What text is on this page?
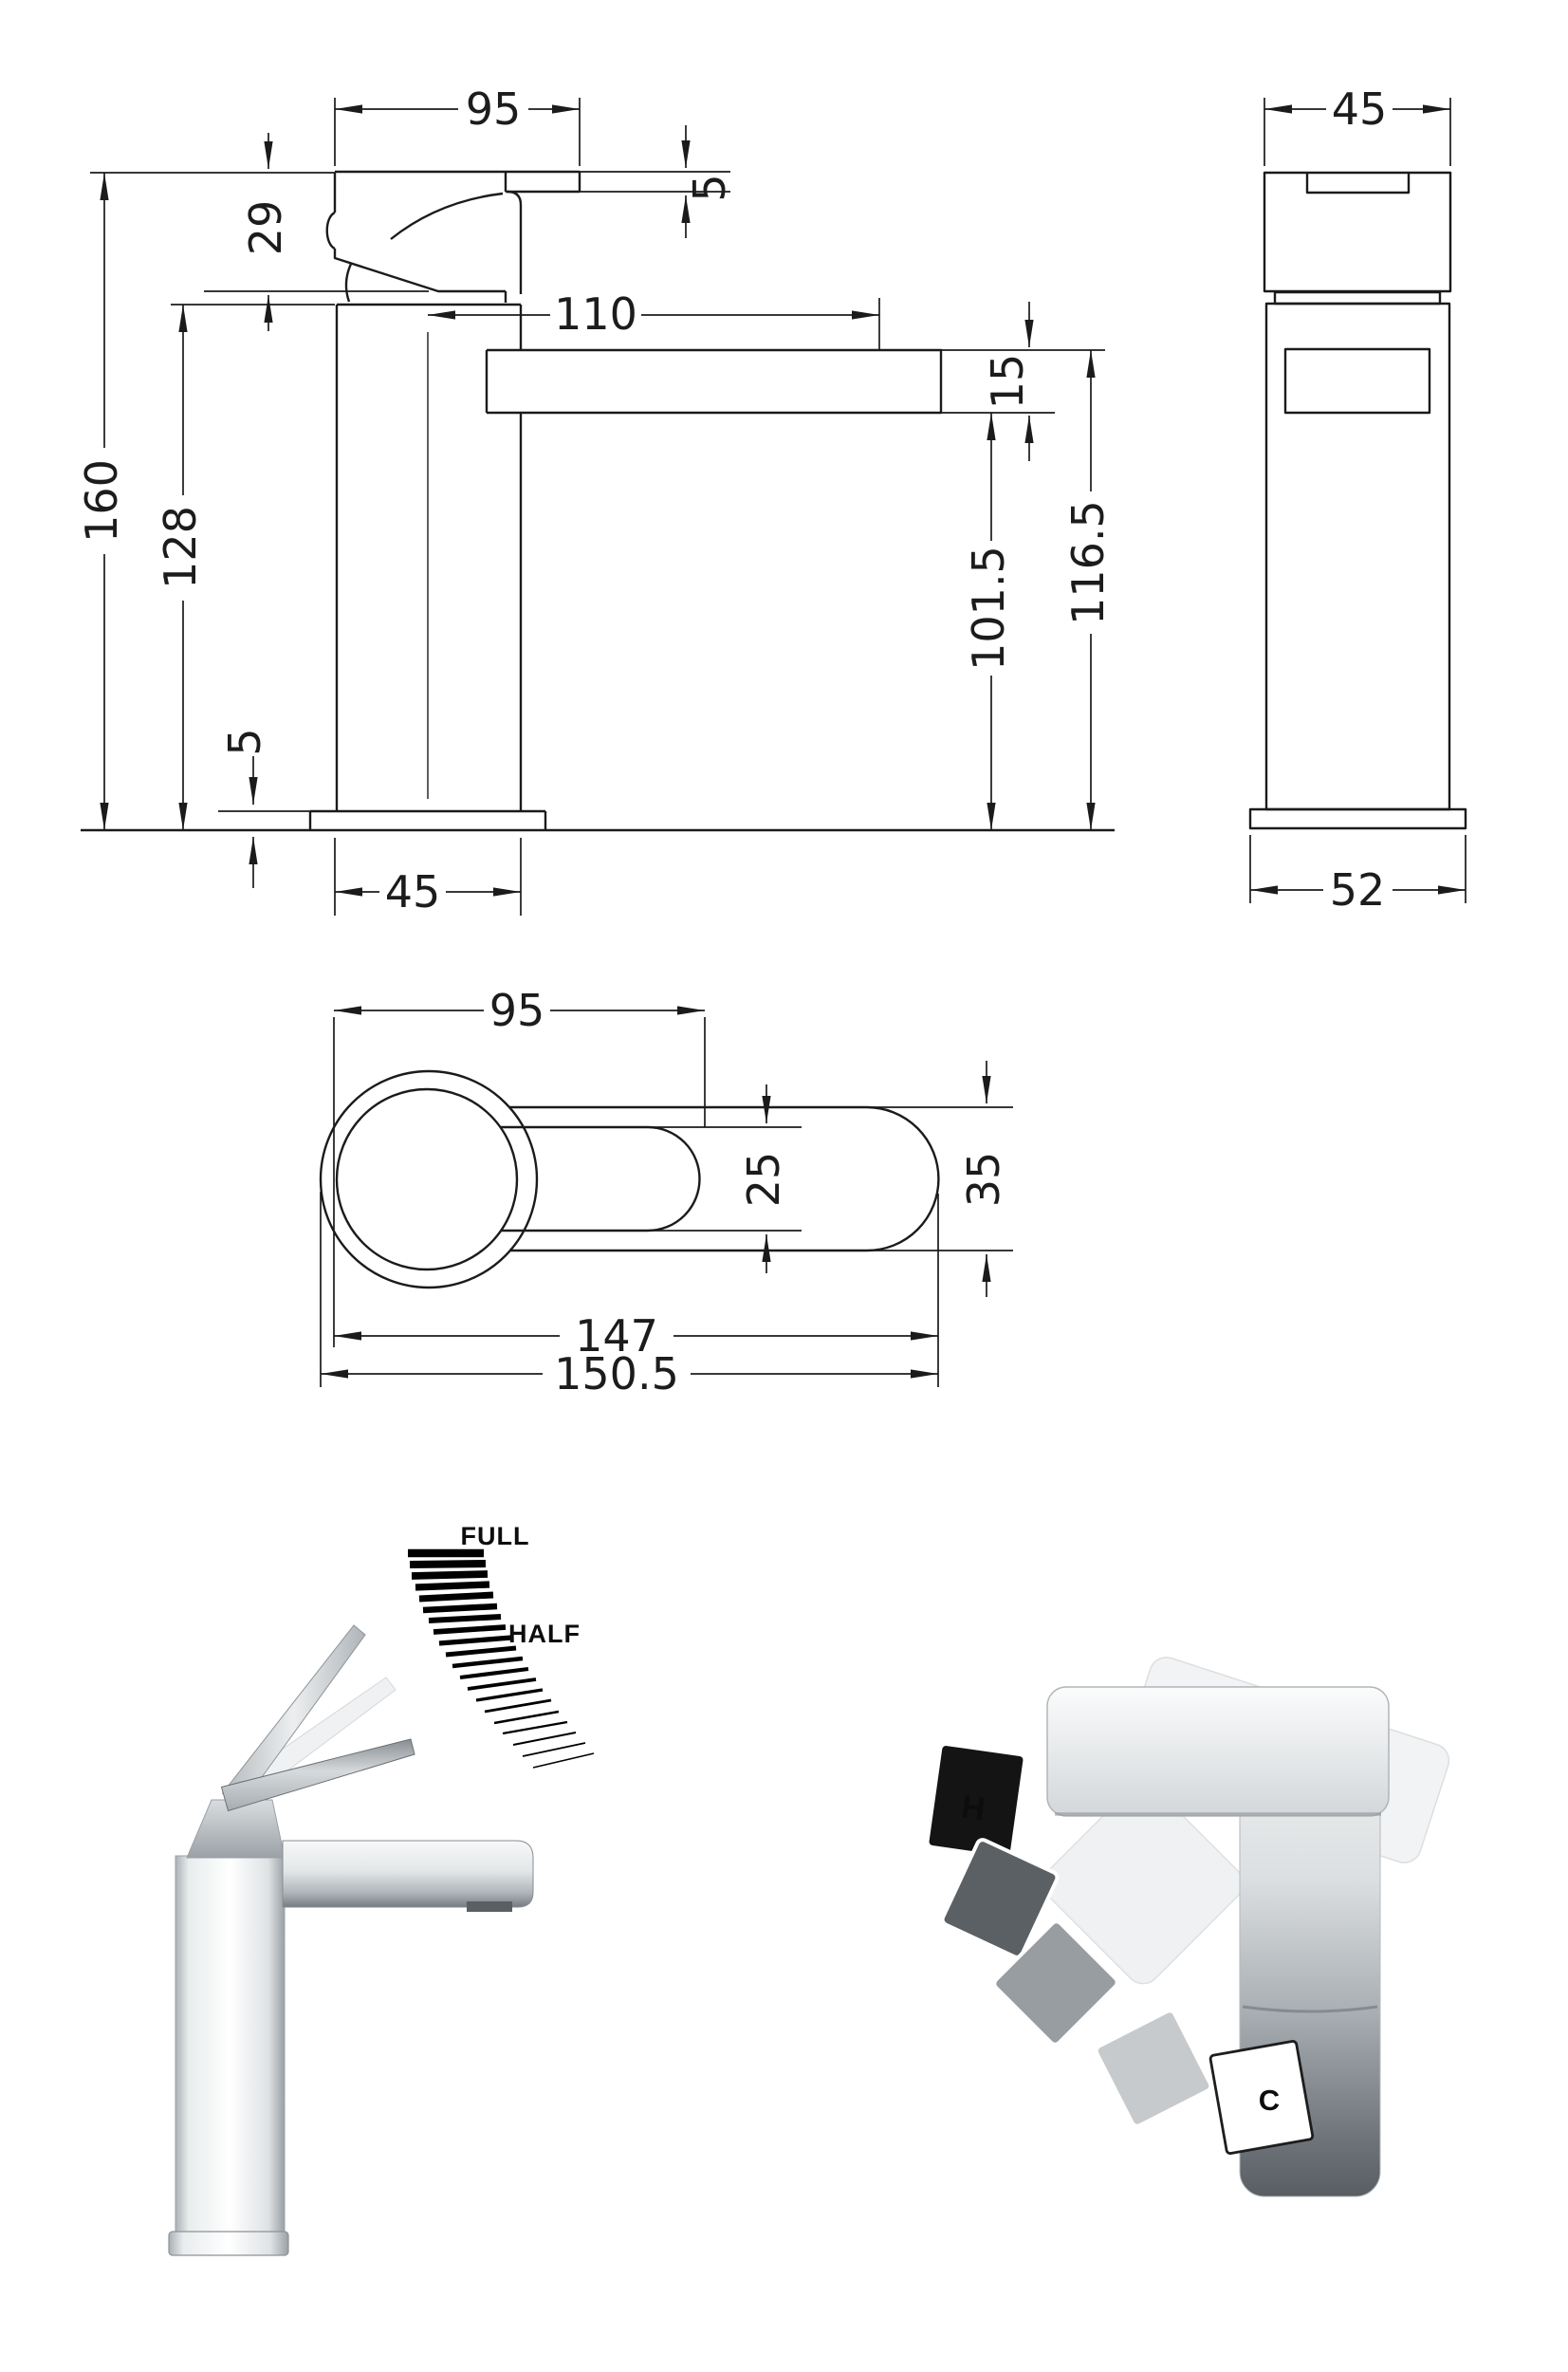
95
5
29
160
128
110
15
101.5 116.5
5
45
45
52
95
25	35
147
150.5
FULL
HALF
H
C
